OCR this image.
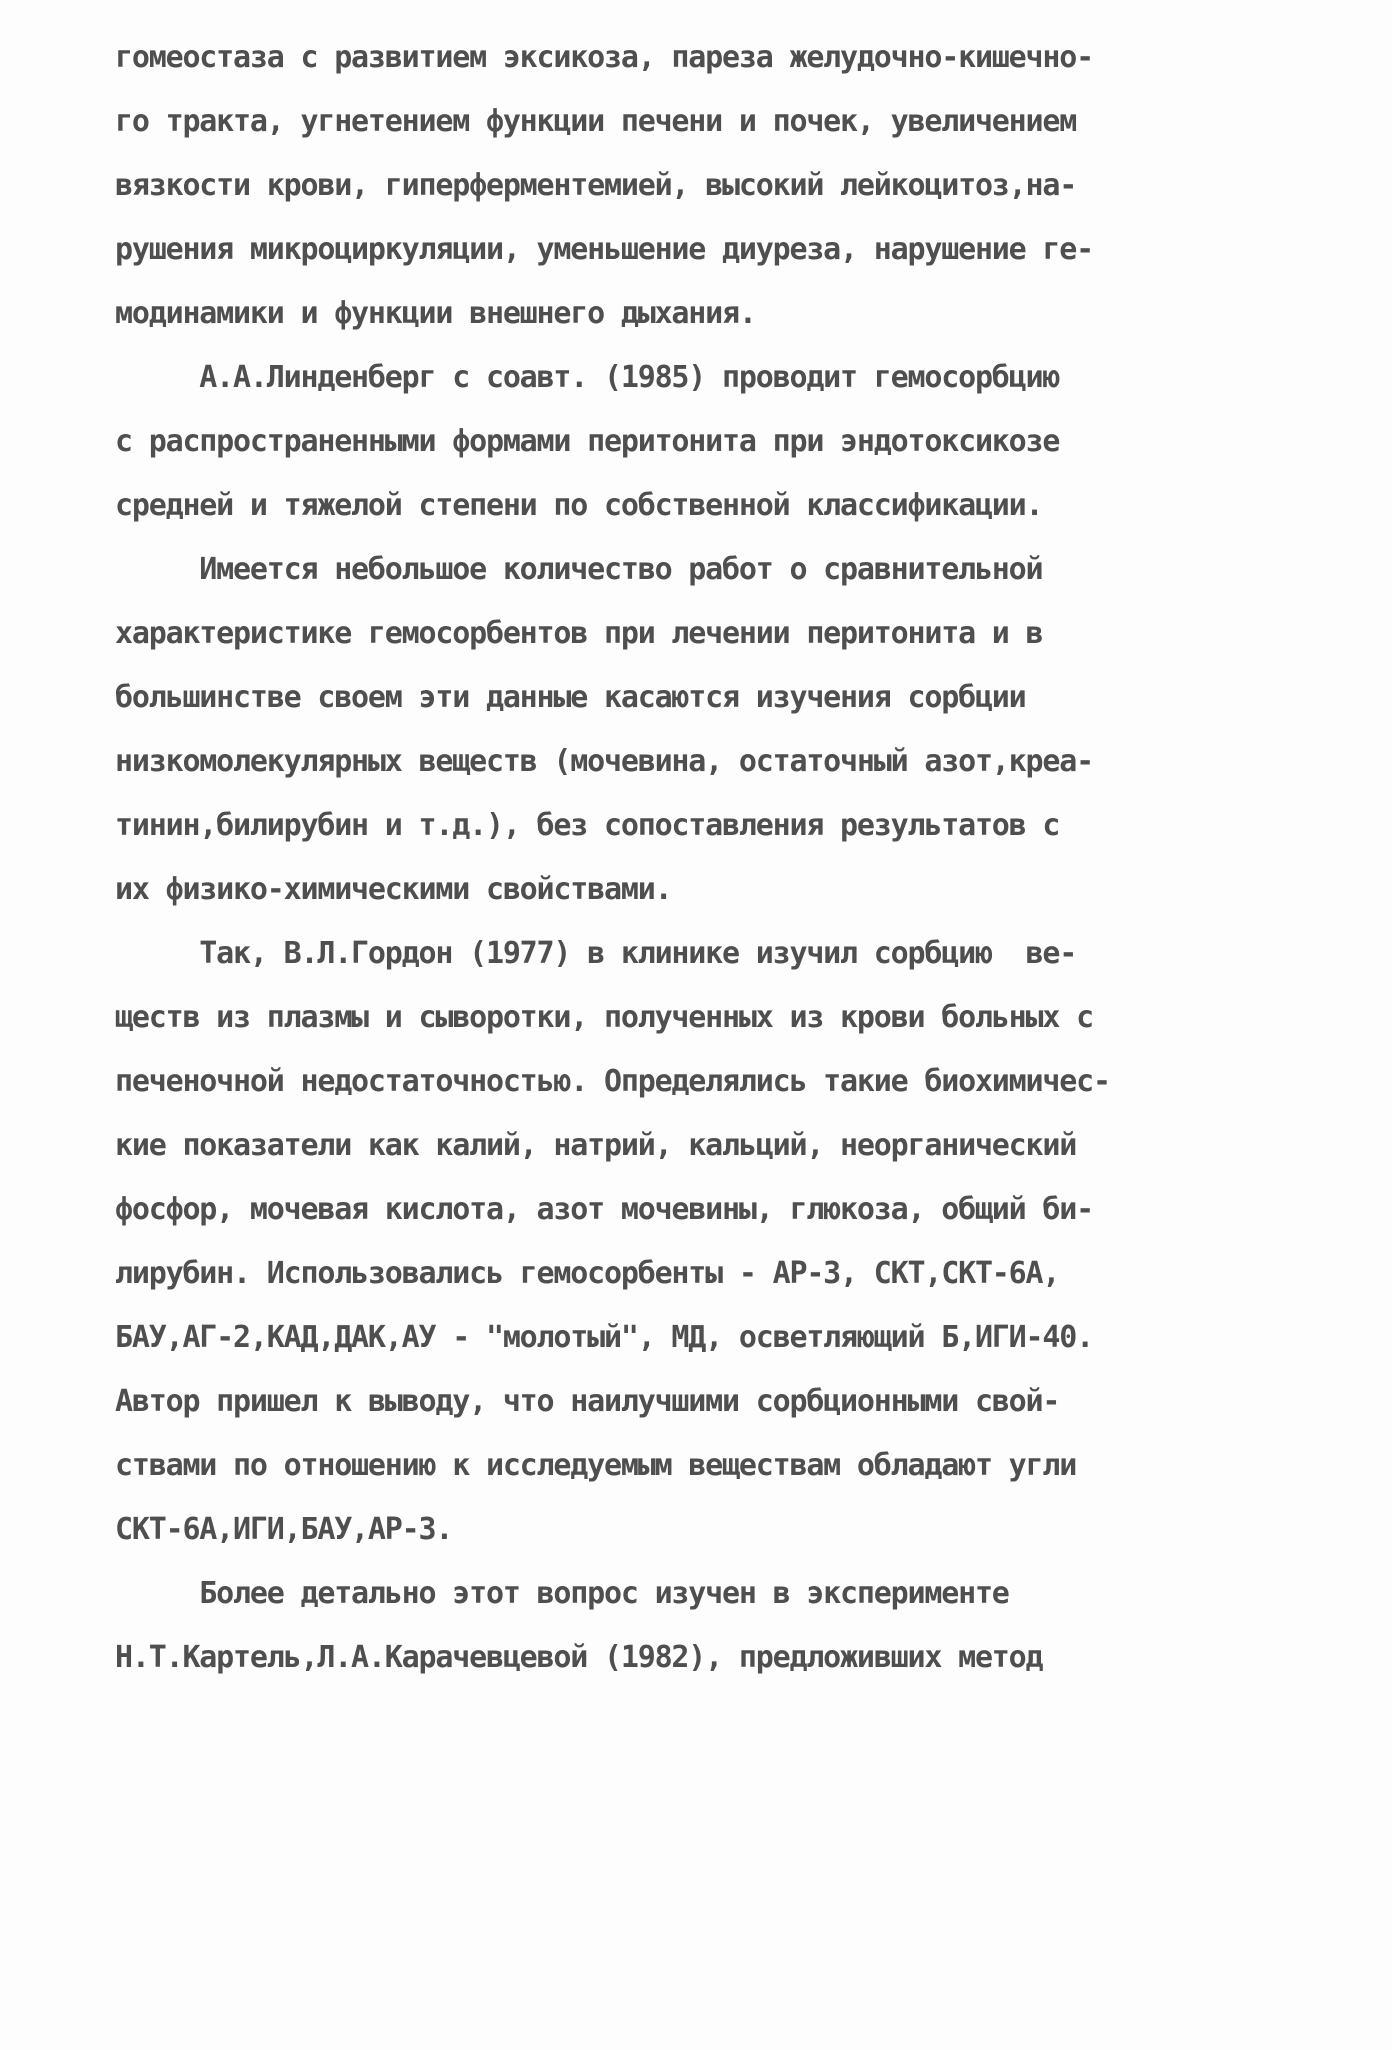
гомеостаза с развитием эксикоза, пареза желудочно-кишечно-
го тракта, угнетением функции печени и почек, увеличением
вязкости крови, гиперферментемией, высокий лейкоцитоз,на-
рушения микроциркуляции, уменьшение диуреза, нарушение ге-
модинамики и функции внешнего дыхания.
А.А.Линденберг с соавт. (1985) проводит гемосорбцию
с распространенными формами перитонита при эндотоксикозе
средней и тяжелой степени по собственной классификации.
Имеется небольшое количество работ о сравнительной
характеристике гемосорбентов при лечении перитонита и в
большинстве своем эти данные касаются изучения сорбции
низкомолекулярных веществ (мочевина, остаточный азот,креа-
тинин,билирубин и т.д.), без сопоставления результатов с
их физико-химическими свойствами.
Так, В.Л.Гордон (1977) в клинике изучил сорбцию  ве-
ществ из плазмы и сыворотки, полученных из крови больных с
печеночной недостаточностью. Определялись такие биохимичес-
кие показатели как калий, натрий, кальций, неорганический
фосфор, мочевая кислота, азот мочевины, глюкоза, общий би-
лирубин. Использовались гемосорбенты - АР-3, СКТ,СКТ-6А,
БАУ,АГ-2,КАД,ДАК,АУ - "молотый", МД, осветляющий Б,ИГИ-40.
Автор пришел к выводу, что наилучшими сорбционными свой-
ствами по отношению к исследуемым веществам обладают угли
СКТ-6А,ИГИ,БАУ,АР-3.
Более детально этот вопрос изучен в эксперименте
Н.Т.Картель,Л.А.Карачевцевой (1982), предложивших метод
